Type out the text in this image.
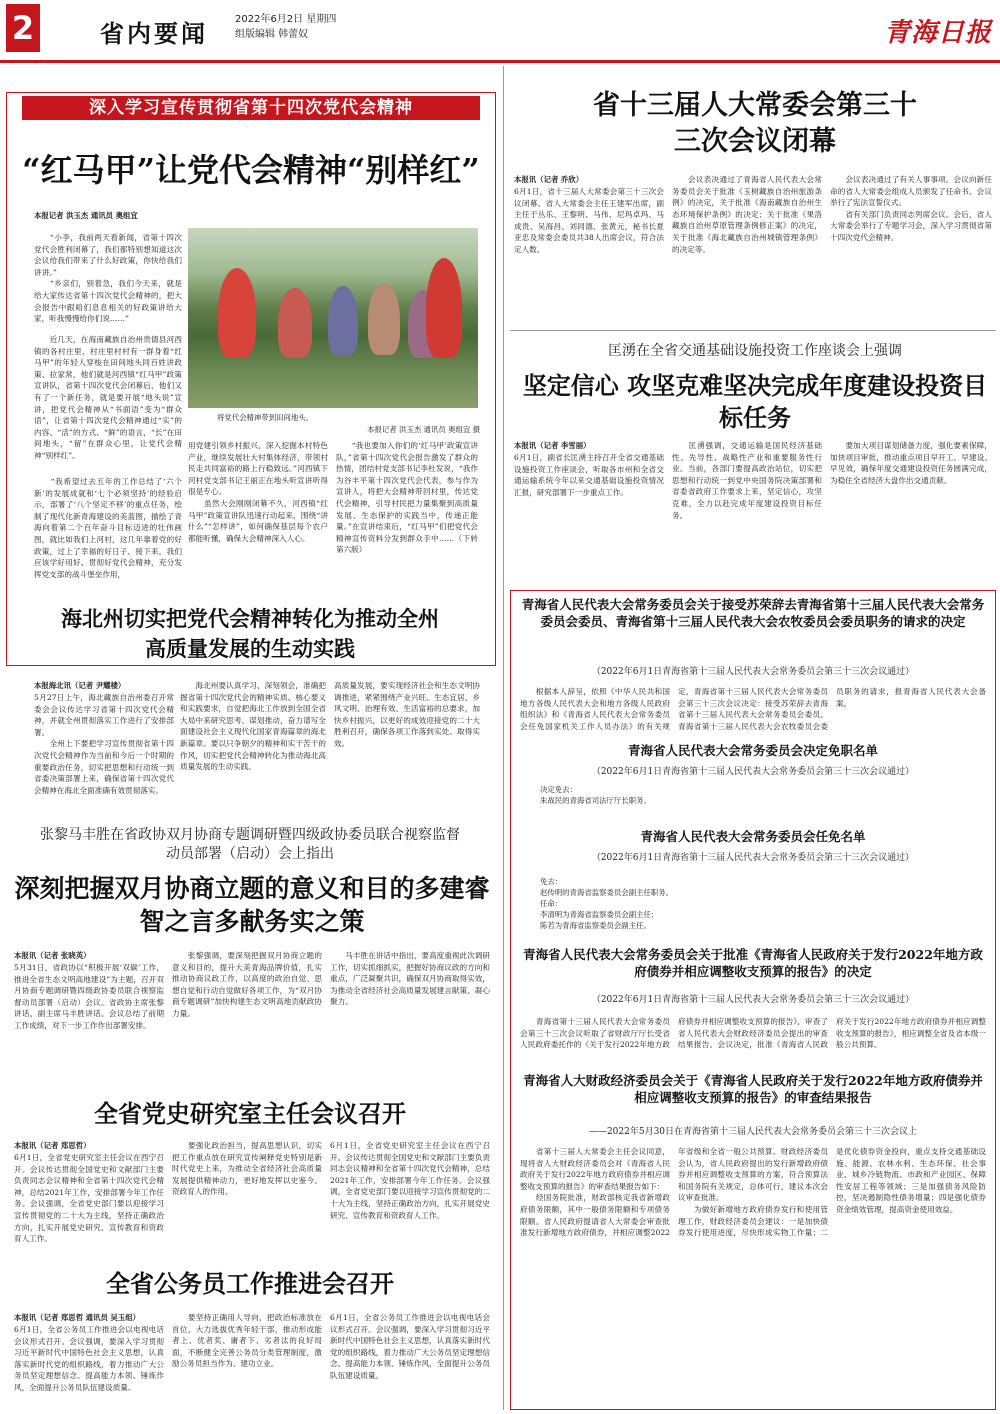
2	省内要闻
2022年6月2日 星期四
组版编辑 韩蕾奴	青海日报
深入学习宣传贯彻省第十四次党代会精神
“红马甲”让党代会精神“别样红”
本报记者 洪玉杰 通讯员 奥组宜
　　“小李，我前两天看新闻，省第十四次党代会胜利闭幕了，我们都特别想知道这次会议给我们带来了什么好政策，你快给我们讲讲。”
　　“乡亲们，别着急，我们今天来，就是给大家传达省第十四次党代会精神的，把大会报告中跟咱们息息相关的好政策讲给大家，听我慢慢给你们说……”
将党代会精神带到田间地头。
本报记者 洪玉杰 通讯员 奥组宜 摄
　　近几天，在海南藏族自治州贵德县河西镇的各村庄里，村庄里村村有一群身着“红马甲”的年轻人穿梭在田间地头同百姓讲政策、拉家常，他们就是河西镇“红马甲”政策宣讲队，省第十四次党代会闭幕后，他们又有了一个新任务，就是要开展“地头说”宣讲，把党代会精神从“书面语”变为“群众语”，让省第十四次党代会精神通过“实”的内容、“活”的方式、“鲜”的语言，“长”在田间地头，“留”在群众心里，让党代会精神“别样红”。
　　“我希望过去五年的工作总结了‘六个新’的发展成就和‘七个必须坚持’的经验启示，部署了‘八个坚定不移’的重点任务，绘制了现代化新青海建设的美蓝图，描绘了青海向着第二个百年奋斗目标迈进的壮伟画图，就比如我们上河村，这几年靠着党的好政策，过上了幸福的好日子。接下来，我们应该学好用好、贯彻好党代会精神，充分发挥党支部的战斗堡垒作用，
用党建引领乡村振兴，深入挖掘本村特色产业，继续发展壮大村集体经济，带领村民走共同富裕的路上行稳致远。”河西镇下河村党支部书记王丽正在地头听宣讲听得很是专心。
　　虽然大会刚刚闭幕不久，河西镇“红马甲”政策宣讲队迅速行动起来，围绕“讲什么”“怎样讲”，如何确保基层每个农户都能听懂，确保大会精神深入人心。
　　“我也要加入你们的‘红马甲’政策宣讲队，”省第十四次党代会报告激发了群众的热情，团结村党支部书记李杜发说，“我作为谷丰平第十四次党代会代表，参与作为宣讲人，将把大会精神带回村里，传达党代会精神，引导村民把力量集聚到高质量发展、生态保护的实践当中，传递正能量。”在宣讲结束后，“红马甲”们把党代会精神宣传资料分发到群众手中……（下转第六版）
海北州切实把党代会精神转化为推动全州高质量发展的生动实践
本报海北讯（记者 尹耀楼）
5月27日上午，海北藏族自治州委召开常委会会议传达学习省第十四次党代会精神，并就全州贯彻落实工作进行了安排部署。
　　全州上下要把学习宣传贯彻省第十四次党代会精神作为当前和今后一个时期的重要政治任务，切实把思想和行动统一到省委决策部署上来，确保省第十四次党代会精神在海北全面准确有效贯彻落实。
　　海北州要认真学习、深刻领会，准确把握省第十四次党代会的精神实质、核心要义和实践要求，自觉把海北工作放到全国全省大局中来研究思考、谋划推动，奋力谱写全面建设社会主义现代化国家青海篇章的海北新篇章。要以只争朝夕的精神和实干苦干的作风，切实把党代会精神转化为推动海北高质量发展的生动实践。
高质量发展，要实现经济社会和生态文明协调推进，紧紧围绕产业兴旺、生态宜居、乡风文明、治理有效、生活富裕的总要求，加快乡村振兴，以更好的成效迎接党的二十大胜利召开，确保各项工作落到实处、取得实效。
张黎马丰胜在省政协双月协商专题调研暨四级政协委员联合视察监督动员部署（启动）会上指出
深刻把握双月协商立题的意义和目的多建睿智之言多献务实之策
本报讯（记者 张晓英）
5月31日，省政协以“积极开展‘双碳’工作，推进全省生态文明高地建设”为主题，召开双月协商专题调研暨四级政协委员联合视察监督动员部署（启动）会议。省政协主席张黎讲话，副主席马丰胜讲话。会议总结了前期工作成绩，对下一步工作作出部署安排。
　　张黎强调，要深刻把握双月协商立题的意义和目的，提升大美青海品牌价值，扎实推动协商议政工作，以高度的政治自觉、思想自觉和行动自觉做好各项工作，为“双月协商专题调研”加快构建生态文明高地贡献政协力量。
　　马丰胜在讲话中指出，要高度重视此次调研工作，切实抓细抓实，把握好协商议政的方向和重点，广泛凝聚共识，确保双月协商取得实效，为推动全省经济社会高质量发展建言献策、凝心聚力。
全省党史研究室主任会议召开
本报讯（记者 郑思哲）
6月1日，全省党史研究室主任会议在西宁召开。会议传达贯彻全国党史和文献部门主要负责同志会议精神和全省第十四次党代会精神，总结2021年工作，安排部署今年工作任务。会议强调，全省党史部门要以迎接学习宣传贯彻党的二十大为主线，坚持正确政治方向，扎实开展党史研究、宣传教育和资政育人工作。
　　要强化政治担当，提高思想认识，切实把工作重点放在研究宣传阐释党史特别是新时代党史上来，为推动全省经济社会高质量发展提供精神动力，更好地发挥以史鉴今、资政育人的作用。
6月1日，全省党史研究室主任会议在西宁召开。会议传达贯彻全国党史和文献部门主要负责同志会议精神和全省第十四次党代会精神，总结2021年工作，安排部署今年工作任务。会议强调，全省党史部门要以迎接学习宣传贯彻党的二十大为主线，坚持正确政治方向，扎实开展党史研究、宣传教育和资政育人工作。
全省公务员工作推进会召开
本报讯（记者 郑思哲 通讯员 吴玉组）
6月1日，全省公务员工作推进会以电视电话会议形式召开。会议强调，要深入学习贯彻习近平新时代中国特色社会主义思想，认真落实新时代党的组织路线，着力推动广大公务员坚定理想信念、提高能力本领、锤炼作风，全面提升公务员队伍建设质量。
　　要坚持正确用人导向，把政治标准放在首位，大力选拔优秀年轻干部，推动形成能者上、优者奖、庸者下、劣者汰的良好局面，不断健全完善公务员分类管理制度，激励公务员担当作为、建功立业。
6月1日，全省公务员工作推进会以电视电话会议形式召开。会议强调，要深入学习贯彻习近平新时代中国特色社会主义思想，认真落实新时代党的组织路线，着力推动广大公务员坚定理想信念、提高能力本领、锤炼作风，全面提升公务员队伍建设质量。
省十三届人大常委会第三十三次会议闭幕
本报讯（记者 乔欣）
6月1日，省十三届人大常委会第三十三次会议闭幕。省人大常委会主任王建军出席，副主任于丛乐、王黎明、马伟、尼玛卓玛、马成贵、吴海昌、刘同德、张黄元，秘书长夏亚忠及常委会委员共38人出席会议，符合法定人数。
　　会议表决通过了青海省人民代表大会常务委员会关于批准《玉树藏族自治州旅游条例》的决定，关于批准《海南藏族自治州生态环境保护条例》的决定；关于批准《果洛藏族自治州草原管理条例修正案》的决定，关于批准《海北藏族自治州城镇管理条例》的决定等。
　　会议表决通过了有关人事事项。会议向新任命的省人大常委会组成人员颁发了任命书。会议举行了宪法宣誓仪式。
　　省有关部门负责同志列席会议。会后，省人大常委会举行了专题学习会，深入学习贯彻省第十四次党代会精神。
匡湧在全省交通基础设施投资工作座谈会上强调
坚定信心 攻坚克难坚决完成年度建设投资目标任务
本报讯（记者 李雪丽）
6月1日，副省长匡湧主持召开全省交通基础设施投资工作座谈会，听取各市州和全省交通运输系统今年以来交通基础设施投资情况汇报，研究部署下一步重点工作。
　　匡湧强调，交通运输是国民经济基础性、先导性、战略性产业和重要服务性行业。当前，各部门要提高政治站位，切实把思想和行动统一到党中央国务院决策部署和省委省政府工作要求上来，坚定信心，攻坚克难，全力以赴完成年度建设投资目标任务。
　　要加大项目谋划储备力度，强化要素保障，加快项目审批，推动重点项目早开工、早建设、早见效，确保年度交通建设投资任务圆满完成，为稳住全省经济大盘作出交通贡献。
青海省人民代表大会常务委员会关于接受苏荣辞去青海省第十三届人民代表大会常务委员会委员、青海省第十三届人民代表大会农牧委员会委员职务的请求的决定
（2022年6月1日青海省第十三届人民代表大会常务委员会第三十三次会议通过）
　　根据本人辞呈，依照《中华人民共和国地方各级人民代表大会和地方各级人民政府组织法》和《青海省人民代表大会常务委员会任免国家机关工作人员办法》的有关规定，青海省第十三届人民代表大会常务委员会第三十三次会议决定：接受苏荣辞去青海省第十三届人民代表大会常务委员会委员、青海省第十三届人民代表大会农牧委员会委员职务的请求，报青海省人民代表大会备案。
青海省人民代表大会常务委员会决定免职名单
（2022年6月1日青海省第十三届人民代表大会常务委员会第三十三次会议通过）
决定免去：
朱战民的青海省司法厅厅长职务。
青海省人民代表大会常务委员会任免名单
（2022年6月1日青海省第十三届人民代表大会常务委员会第三十三次会议通过）
免去：
赵传明的青海省监察委员会副主任职务。
任命：
李清明为青海省监察委员会副主任；
陈若为青海省监察委员会副主任。
青海省人民代表大会常务委员会关于批准《青海省人民政府关于发行2022年地方政府债券并相应调整收支预算的报告》的决定
（2022年6月1日青海省第十三届人民代表大会常务委员会第三十三次会议通过）
　　青海省第十三届人民代表大会常务委员会第三十三次会议听取了省财政厅厅长受省人民政府委托作的《关于发行2022年地方政府债券并相应调整收支预算的报告》，审查了省人民代表大会财政经济委员会提出的审查结果报告。会议决定，批准《青海省人民政府关于发行2022年地方政府债券并相应调整收支预算的报告》，相应调整全省及省本级一般公共预算。
青海省人大财政经济委员会关于《青海省人民政府关于发行2022年地方政府债券并相应调整收支预算的报告》的审查结果报告
——2022年5月30日在青海省第十三届人民代表大会常务委员会第三十三次会议上
　　省第十三届人大常委会主任会议同意，现将省人大财政经济委员会对《青海省人民政府关于发行2022年地方政府债券并相应调整收支预算的报告》的审查结果报告如下：
　　经国务院批准，财政部核定我省新增政府债务限额，其中一般债务限额和专项债务限额。省人民政府提请省人大常委会审查批准发行新增地方政府债券，并相应调整2022年省级和全省一般公共预算。财政经济委员会认为，省人民政府提出的发行新增政府债券并相应调整收支预算的方案，符合预算法和国务院有关规定，总体可行，建议本次会议审查批准。
　　为做好新增地方政府债券发行和使用管理工作，财政经济委员会建议：一是加快债券发行使用进度，尽快形成实物工作量；二是优化债券资金投向，重点支持交通基础设施、能源、农林水利、生态环保、社会事业、城乡冷链物流、市政和产业园区、保障性安居工程等领域；三是加强债务风险防控，坚决遏制隐性债务增量；四是强化债券资金绩效管理，提高资金使用效益。
